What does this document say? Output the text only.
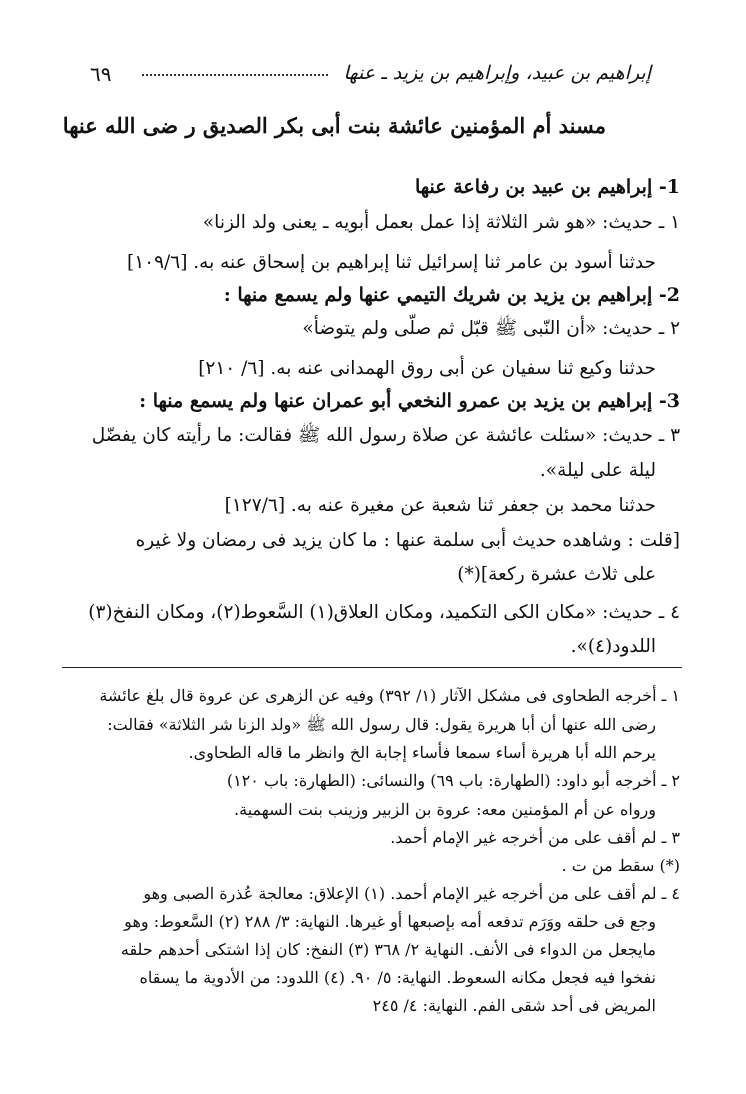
إبراهيم بن عبيد، وإبراهيم بن يزيد ـ عنها
٦٩
مسند أم المؤمنين عائشة بنت أبى بكر الصديق ر ضى الله عنها
1- إبراهيم بن عبيد بن رفاعة عنها
١ ـ حديث: «هو شر الثلاثة إذا عمل بعمل أبويه ـ يعنى ولد الزنا»
حدثنا أسود بن عامر ثنا إسرائيل ثنا إبراهيم بن إسحاق عنه به. [١٠٩/٦]
2- إبراهيم بن يزيد بن شريك التيمي عنها ولم يسمع منها :
٢ ـ حديث: «أن النّبى ﷺ قبّل ثم صلّى ولم يتوضأ»
حدثنا وكيع ثنا سفيان عن أبى روق الهمدانى عنه به. [٦/ ٢١٠]
3- إبراهيم بن يزيد بن عمرو النخعي أبو عمران عنها ولم يسمع منها :
٣ ـ حديث: «سئلت عائشة عن صلاة رسول الله ﷺ فقالت: ما رأيته كان يفضّل
ليلة على ليلة».
حدثنا محمد بن جعفر ثنا شعبة عن مغيرة عنه به. [١٢٧/٦]
[قلت : وشاهده حديث أبى سلمة عنها : ما كان يزيد فى رمضان ولا غيره
على ثلاث عشرة ركعة](*)
٤ ـ حديث: «مكان الكى التكميد، ومكان العلاق(١) السَّعوط(٢)، ومكان النفخ(٣)
اللدود(٤)».
١ ـ أخرجه الطحاوى فى مشكل الآثار (١/ ٣٩٢) وفيه عن الزهرى عن عروة قال بلغ عائشة
رضى الله عنها أن أبا هريرة يقول: قال رسول الله ﷺ «ولد الزنا شر الثلاثة» فقالت:
يرحم الله أبا هريرة أساء سمعا فأساء إجابة الخ وانظر ما قاله الطحاوى.
٢ ـ أخرجه أبو داود: (الطهارة: باب ٦٩) والنسائى: (الطهارة: باب ١٢٠)
ورواه عن أم المؤمنين معه: عروة بن الزبير وزينب بنت السهمية.
٣ ـ لم أقف على من أخرجه غير الإمام أحمد.
(*) سقط من ت .
٤ ـ لم أقف على من أخرجه غير الإمام أحمد. (١) الإعلاق: معالجة عُذرة الصبى وهو
وجع فى حلقه ووَرَم تدفعه أمه بإصبعها أو غيرها. النهاية: ٣/ ٢٨٨ (٢) السَّعوط: وهو
مايجعل من الدواء فى الأنف. النهاية ٢/ ٣٦٨ (٣) النفخ: كان إذا اشتكى أحدهم حلقه
نفخوا فيه فجعل مكانه السعوط. النهاية: ٥/ ٩٠. (٤) اللدود: من الأدوية ما يسقاه
المريض فى أحد شقى الفم. النهاية: ٤/ ٢٤٥
